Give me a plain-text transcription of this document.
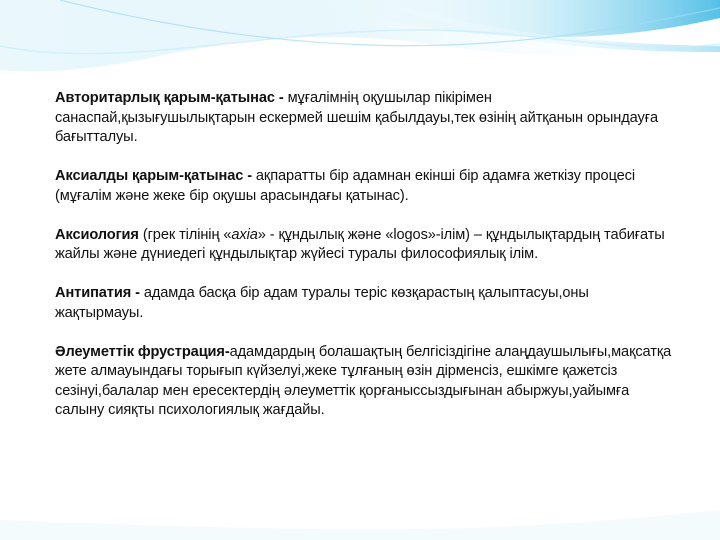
Авторитарлық қарым-қатынас - мұғалімнің оқушылар пікірімен санаспай,қызығушылықтарын ескермей шешім қабылдауы,тек өзінің айтқанын орындауға бағытталуы.

Аксиалды қарым-қатынас - ақпаратты бір адамнан екінші бір адамға жеткізу процесі (мұғалім және жеке бір оқушы арасындағы қатынас).

Аксиология (грек тілінің «axia» - құндылық және «logos»-ілім) – құндылықтардың табиғаты жайлы және дүниедегі құндылықтар жүйесі туралы философиялық ілім.

Антипатия - адамда басқа бір адам туралы теріс көзқарастың қалыптасуы,оны жақтырмауы.

Әлеуметтік фрустрация-адамдардың болашақтың белгісіздігіне алаңдаушылығы,мақсатқа жете алмауындағы торығып күйзелуі,жеке тұлғаның өзін дірменсіз, ешкімге қажетсіз сезінуі,балалар мен ересектердің әлеуметтік қорғаныссыздығынан абыржуы,уайымға салыну сияқты психологиялық жағдайы.
